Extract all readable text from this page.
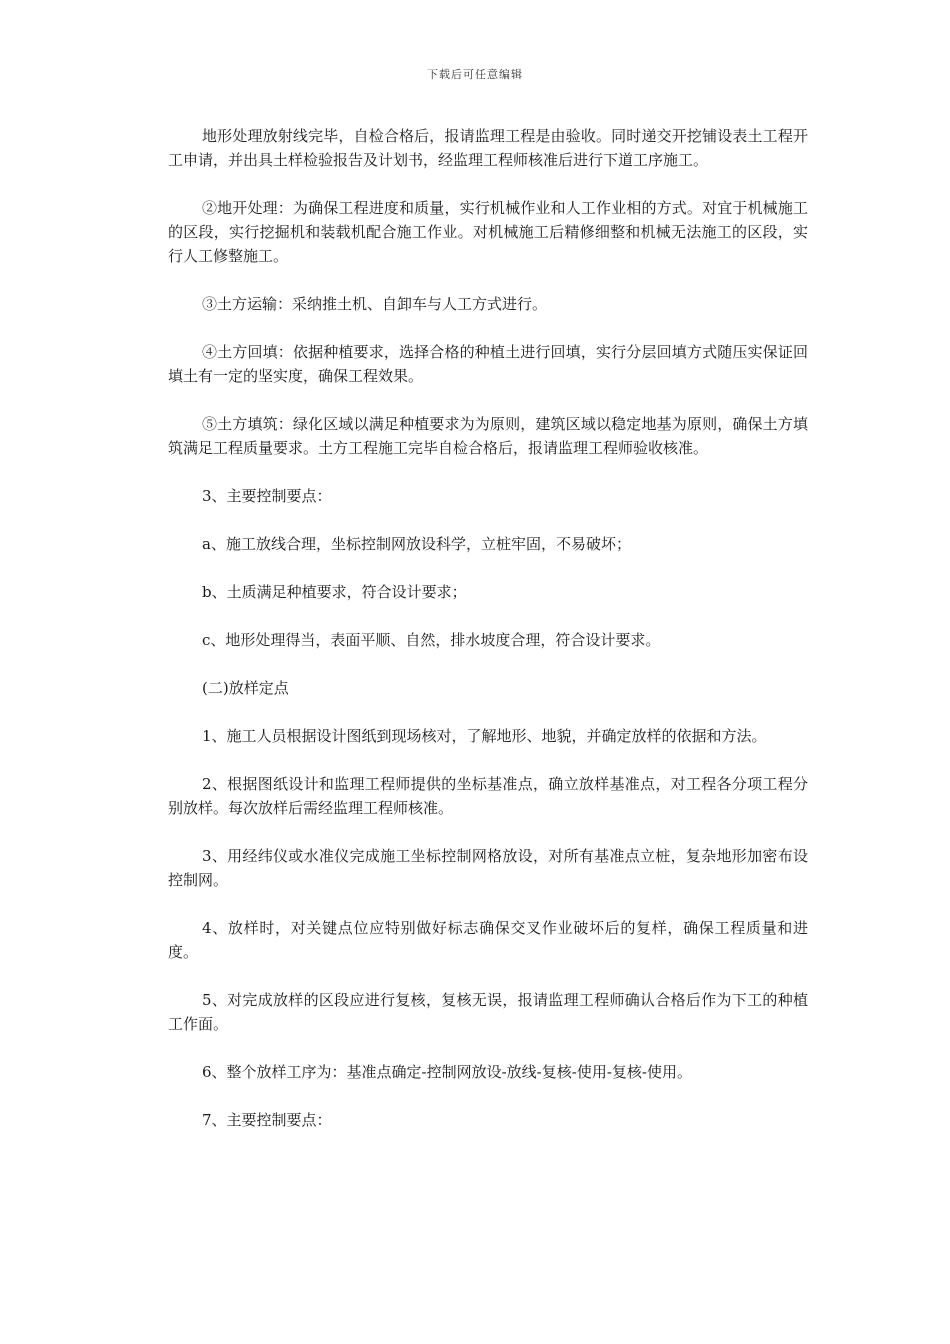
下载后可任意编辑

地形处理放射线完毕，自检合格后，报请监理工程是由验收。同时递交开挖铺设表土工程开工申请，并出具土样检验报告及计划书，经监理工程师核准后进行下道工序施工。

②地开处理：为确保工程进度和质量，实行机械作业和人工作业相的方式。对宜于机械施工的区段，实行挖掘机和装载机配合施工作业。对机械施工后精修细整和机械无法施工的区段，实行人工修整施工。

③土方运输：采纳推土机、自卸车与人工方式进行。

④土方回填：依据种植要求，选择合格的种植土进行回填，实行分层回填方式随压实保证回填土有一定的坚实度，确保工程效果。

⑤土方填筑：绿化区域以满足种植要求为为原则，建筑区域以稳定地基为原则，确保土方填筑满足工程质量要求。土方工程施工完毕自检合格后，报请监理工程师验收核准。

3、主要控制要点：

a、施工放线合理，坐标控制网放设科学，立桩牢固，不易破坏；

b、土质满足种植要求，符合设计要求；

c、地形处理得当，表面平顺、自然，排水坡度合理，符合设计要求。

(二)放样定点

1、施工人员根据设计图纸到现场核对，了解地形、地貌，并确定放样的依据和方法。

2、根据图纸设计和监理工程师提供的坐标基准点，确立放样基准点，对工程各分项工程分别放样。每次放样后需经监理工程师核准。

3、用经纬仪或水准仪完成施工坐标控制网格放设，对所有基准点立桩，复杂地形加密布设控制网。

4、放样时，对关键点位应特别做好标志确保交叉作业破坏后的复样，确保工程质量和进度。

5、对完成放样的区段应进行复核，复核无误，报请监理工程师确认合格后作为下工的种植工作面。

6、整个放样工序为：基准点确定-控制网放设-放线-复核-使用-复核-使用。

7、主要控制要点：
